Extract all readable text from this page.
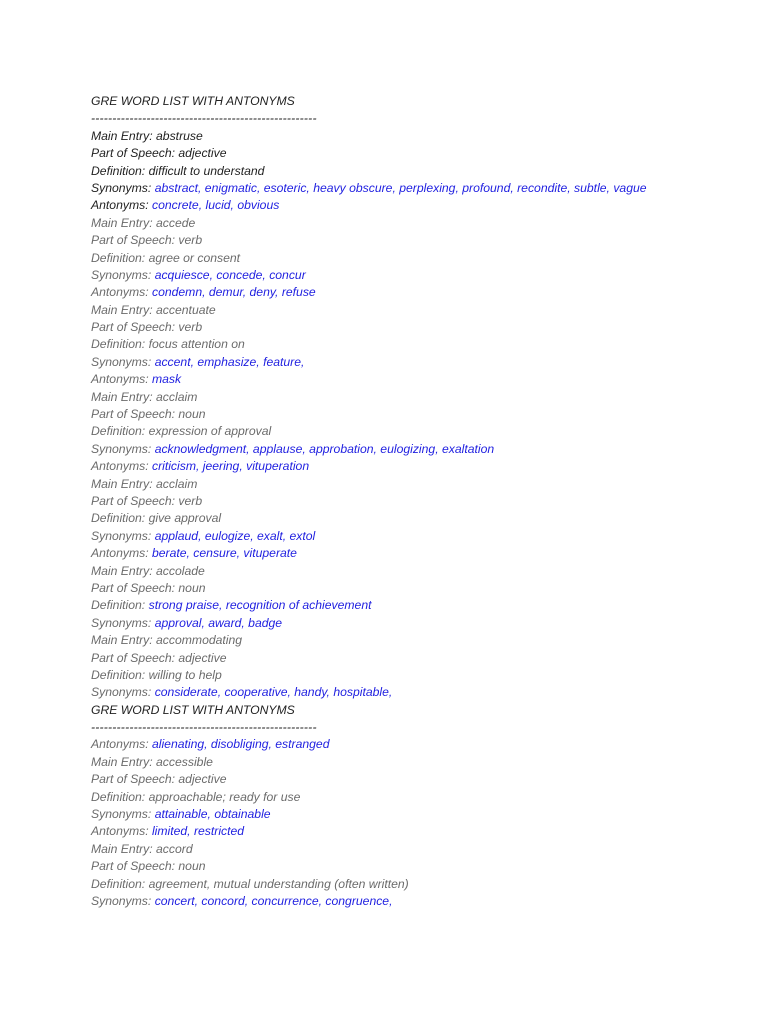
GRE WORD LIST WITH ANTONYMS
-----------------------------------------------------
Main Entry: abstruse
Part of Speech: adjective
Definition: difficult to understand
Synonyms: abstract, enigmatic, esoteric, heavy obscure, perplexing, profound, recondite, subtle, vague
Antonyms: concrete, lucid, obvious
Main Entry: accede
Part of Speech: verb
Definition: agree or consent
Synonyms: acquiesce, concede, concur
Antonyms: condemn, demur, deny, refuse
Main Entry: accentuate
Part of Speech: verb
Definition: focus attention on
Synonyms: accent, emphasize, feature,
Antonyms: mask
Main Entry: acclaim
Part of Speech: noun
Definition: expression of approval
Synonyms: acknowledgment, applause, approbation, eulogizing, exaltation
Antonyms: criticism, jeering, vituperation
Main Entry: acclaim
Part of Speech: verb
Definition: give approval
Synonyms: applaud, eulogize, exalt, extol
Antonyms: berate, censure, vituperate
Main Entry: accolade
Part of Speech: noun
Definition: strong praise, recognition of achievement
Synonyms: approval, award, badge
Main Entry: accommodating
Part of Speech: adjective
Definition: willing to help
Synonyms: considerate, cooperative, handy, hospitable,
GRE WORD LIST WITH ANTONYMS
-----------------------------------------------------
Antonyms: alienating, disobliging, estranged
Main Entry: accessible
Part of Speech: adjective
Definition: approachable; ready for use
Synonyms: attainable, obtainable
Antonyms: limited, restricted
Main Entry: accord
Part of Speech: noun
Definition: agreement, mutual understanding (often written)
Synonyms: concert, concord, concurrence, congruence,
